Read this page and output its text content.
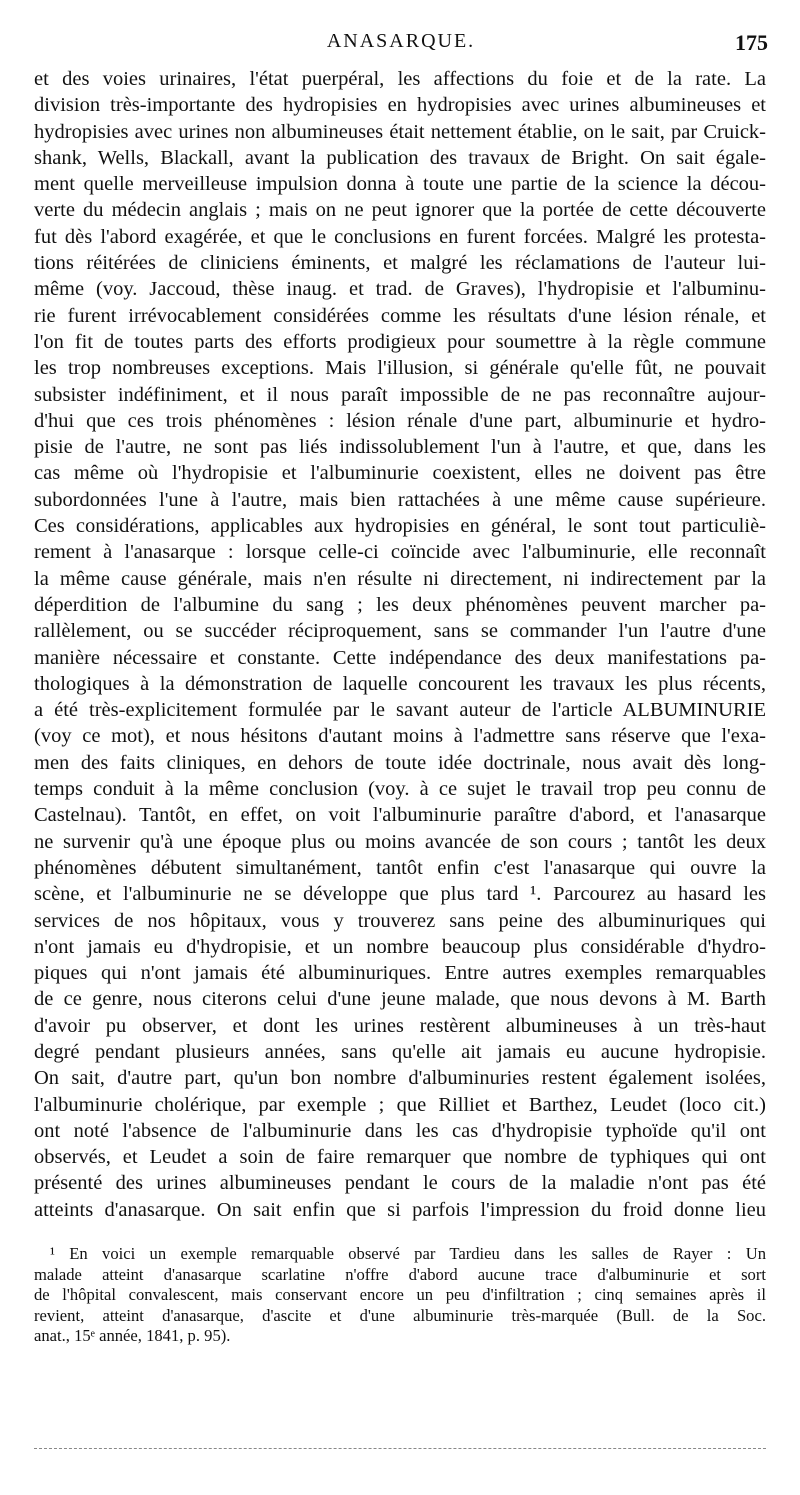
ANASARQUE.	175
et des voies urinaires, l'état puerpéral, les affections du foie et de la rate. La
division très-importante des hydropisies en hydropisies avec urines albumineuses et
hydropisies avec urines non albumineuses était nettement établie, on le sait, par Cruick-
shank, Wells, Blackall, avant la publication des travaux de Bright. On sait égale-
ment quelle merveilleuse impulsion donna à toute une partie de la science la décou-
verte du médecin anglais ; mais on ne peut ignorer que la portée de cette découverte
fut dès l'abord exagérée, et que le conclusions en furent forcées. Malgré les protesta-
tions réitérées de cliniciens éminents, et malgré les réclamations de l'auteur lui-
même (voy. Jaccoud, thèse inaug. et trad. de Graves), l'hydropisie et l'albuminu-
rie furent irrévocablement considérées comme les résultats d'une lésion rénale, et
l'on fit de toutes parts des efforts prodigieux pour soumettre à la règle commune
les trop nombreuses exceptions. Mais l'illusion, si générale qu'elle fût, ne pouvait
subsister indéfiniment, et il nous paraît impossible de ne pas reconnaître aujour-
d'hui que ces trois phénomènes : lésion rénale d'une part, albuminurie et hydro-
pisie de l'autre, ne sont pas liés indissolublement l'un à l'autre, et que, dans les
cas même où l'hydropisie et l'albuminurie coexistent, elles ne doivent pas être
subordonnées l'une à l'autre, mais bien rattachées à une même cause supérieure.
Ces considérations, applicables aux hydropisies en général, le sont tout particuliè-
rement à l'anasarque : lorsque celle-ci coïncide avec l'albuminurie, elle reconnaît
la même cause générale, mais n'en résulte ni directement, ni indirectement par la
déperdition de l'albumine du sang ; les deux phénomènes peuvent marcher pa-
rallèlement, ou se succéder réciproquement, sans se commander l'un l'autre d'une
manière nécessaire et constante. Cette indépendance des deux manifestations pa-
thologiques à la démonstration de laquelle concourent les travaux les plus récents,
a été très-explicitement formulée par le savant auteur de l'article ALBUMINURIE
(voy ce mot), et nous hésitons d'autant moins à l'admettre sans réserve que l'exa-
men des faits cliniques, en dehors de toute idée doctrinale, nous avait dès long-
temps conduit à la même conclusion (voy. à ce sujet le travail trop peu connu de
Castelnau). Tantôt, en effet, on voit l'albuminurie paraître d'abord, et l'anasarque
ne survenir qu'à une époque plus ou moins avancée de son cours ; tantôt les deux
phénomènes débutent simultanément, tantôt enfin c'est l'anasarque qui ouvre la
scène, et l'albuminurie ne se développe que plus tard ¹. Parcourez au hasard les
services de nos hôpitaux, vous y trouverez sans peine des albuminuriques qui
n'ont jamais eu d'hydropisie, et un nombre beaucoup plus considérable d'hydro-
piques qui n'ont jamais été albuminuriques. Entre autres exemples remarquables
de ce genre, nous citerons celui d'une jeune malade, que nous devons à M. Barth
d'avoir pu observer, et dont les urines restèrent albumineuses à un très-haut
degré pendant plusieurs années, sans qu'elle ait jamais eu aucune hydropisie.
On sait, d'autre part, qu'un bon nombre d'albuminuries restent également isolées,
l'albuminurie cholérique, par exemple ; que Rilliet et Barthez, Leudet (loco cit.)
ont noté l'absence de l'albuminurie dans les cas d'hydropisie typhoïde qu'il ont
observés, et Leudet a soin de faire remarquer que nombre de typhiques qui ont
présenté des urines albumineuses pendant le cours de la maladie n'ont pas été
atteints d'anasarque. On sait enfin que si parfois l'impression du froid donne lieu
¹ En voici un exemple remarquable observé par Tardieu dans les salles de Rayer : Un
malade atteint d'anasarque scarlatine n'offre d'abord aucune trace d'albuminurie et sort
de l'hôpital convalescent, mais conservant encore un peu d'infiltration ; cinq semaines après il
revient, atteint d'anasarque, d'ascite et d'une albuminurie très-marquée (Bull. de la Soc.
anat., 15ᵉ année, 1841, p. 95).
